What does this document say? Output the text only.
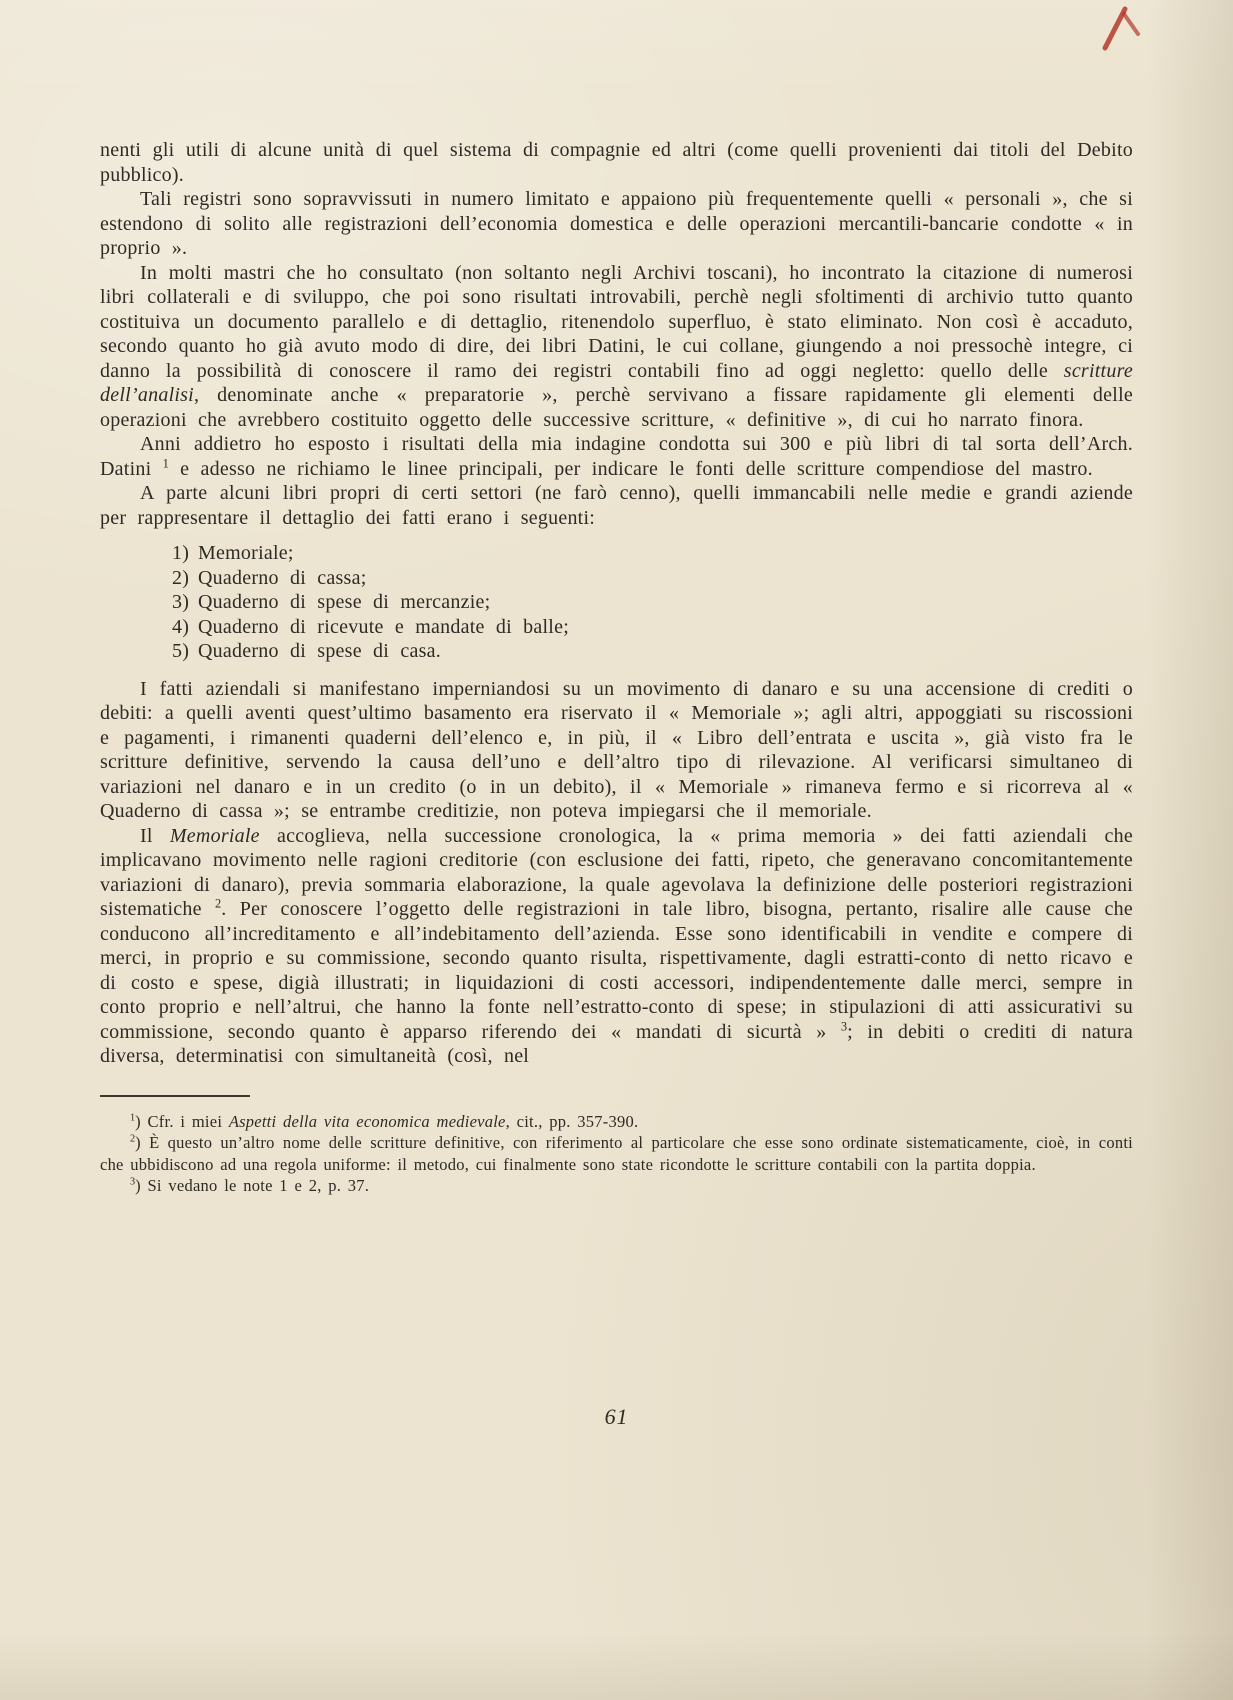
nenti gli utili di alcune unità di quel sistema di compagnie ed altri (come quelli provenienti dai titoli del Debito pubblico).

Tali registri sono sopravvissuti in numero limitato e appaiono più frequentemente quelli « personali », che si estendono di solito alle registrazioni dell’economia domestica e delle operazioni mercantili-bancarie condotte « in proprio ».

In molti mastri che ho consultato (non soltanto negli Archivi toscani), ho incontrato la citazione di numerosi libri collaterali e di sviluppo, che poi sono risultati introvabili, perchè negli sfoltimenti di archivio tutto quanto costituiva un documento parallelo e di dettaglio, ritenendolo superfluo, è stato eliminato. Non così è accaduto, secondo quanto ho già avuto modo di dire, dei libri Datini, le cui collane, giungendo a noi pressochè integre, ci danno la possibilità di conoscere il ramo dei registri contabili fino ad oggi negletto: quello delle scritture dell’analisi, denominate anche « preparatorie », perchè servivano a fissare rapidamente gli elementi delle operazioni che avrebbero costituito oggetto delle successive scritture, « definitive », di cui ho narrato finora.

Anni addietro ho esposto i risultati della mia indagine condotta sui 300 e più libri di tal sorta dell’Arch. Datini $^1$ e adesso ne richiamo le linee principali, per indicare le fonti delle scritture compendiose del mastro.

A parte alcuni libri propri di certi settori (ne farò cenno), quelli immancabili nelle medie e grandi aziende per rappresentare il dettaglio dei fatti erano i seguenti:

1) Memoriale;
2) Quaderno di cassa;
3) Quaderno di spese di mercanzie;
4) Quaderno di ricevute e mandate di balle;
5) Quaderno di spese di casa.

I fatti aziendali si manifestano imperniandosi su un movimento di danaro e su una accensione di crediti o debiti: a quelli aventi quest’ultimo basamento era riservato il « Memoriale »; agli altri, appoggiati su riscossioni e pagamenti, i rimanenti quaderni dell’elenco e, in più, il « Libro dell’entrata e uscita », già visto fra le scritture definitive, servendo la causa dell’uno e dell’altro tipo di rilevazione. Al verificarsi simultaneo di variazioni nel danaro e in un credito (o in un debito), il « Memoriale » rimaneva fermo e si ricorreva al « Quaderno di cassa »; se entrambe creditizie, non poteva impiegarsi che il memoriale.

Il Memoriale accoglieva, nella successione cronologica, la « prima memoria » dei fatti aziendali che implicavano movimento nelle ragioni creditorie (con esclusione dei fatti, ripeto, che generavano concomitantemente variazioni di danaro), previa sommaria elaborazione, la quale agevolava la definizione delle posteriori registrazioni sistematiche $^2$. Per conoscere l’oggetto delle registrazioni in tale libro, bisogna, pertanto, risalire alle cause che conducono all’increditamento e all’indebitamento dell’azienda. Esse sono identificabili in vendite e compere di merci, in proprio e su commissione, secondo quanto risulta, rispettivamente, dagli estratti-conto di netto ricavo e di costo e spese, digià illustrati; in liquidazioni di costi accessori, indipendentemente dalle merci, sempre in conto proprio e nell’altrui, che hanno la fonte nell’estratto-conto di spese; in stipulazioni di atti assicurativi su commissione, secondo quanto è apparso riferendo dei « mandati di sicurtà » $^3$; in debiti o crediti di natura diversa, determinatisi con simultaneità (così, nel

$^1$) Cfr. i miei Aspetti della vita economica medievale, cit., pp. 357-390.

$^2$) È questo un’altro nome delle scritture definitive, con riferimento al particolare che esse sono ordinate sistematicamente, cioè, in conti che ubbidiscono ad una regola uniforme: il metodo, cui finalmente sono state ricondotte le scritture contabili con la partita doppia.

$^3$) Si vedano le note 1 e 2, p. 37.

61
